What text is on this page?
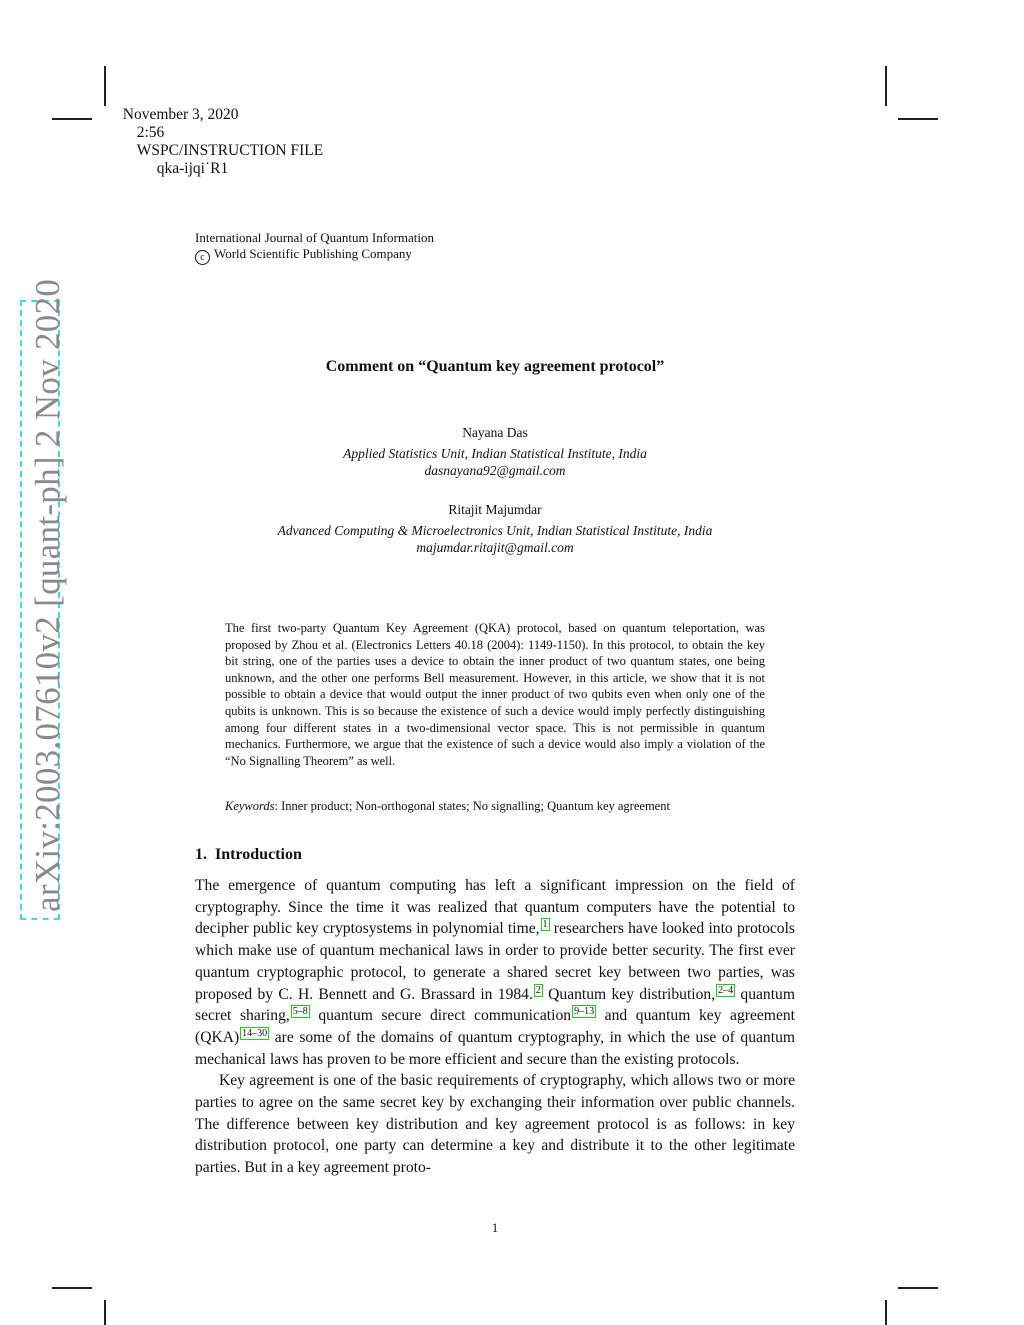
November 3, 2020
2:56
WSPC/INSTRUCTION FILE
qka-ijqi˙R1

arXiv:2003.07610v2 [quant-ph] 2 Nov 2020
International Journal of Quantum Information
c World Scientific Publishing Company
Comment on “Quantum key agreement protocol”
Nayana Das
Applied Statistics Unit, Indian Statistical Institute, India
dasnayana92@gmail.com
Ritajit Majumdar
Advanced Computing & Microelectronics Unit, Indian Statistical Institute, India
majumdar.ritajit@gmail.com
The first two-party Quantum Key Agreement (QKA) protocol, based on quantum teleportation, was proposed by Zhou et al. (Electronics Letters 40.18 (2004): 1149-1150). In this protocol, to obtain the key bit string, one of the parties uses a device to obtain the inner product of two quantum states, one being unknown, and the other one performs Bell measurement. However, in this article, we show that it is not possible to obtain a device that would output the inner product of two qubits even when only one of the qubits is unknown. This is so because the existence of such a device would imply perfectly distinguishing among four different states in a two-dimensional vector space. This is not permissible in quantum mechanics. Furthermore, we argue that the existence of such a device would also imply a violation of the “No Signalling Theorem” as well.
Keywords: Inner product; Non-orthogonal states; No signalling; Quantum key agreement
1. Introduction

The emergence of quantum computing has left a significant impression on the field of cryptography. Since the time it was realized that quantum computers have the potential to decipher public key cryptosystems in polynomial time, 1 researchers have looked into protocols which make use of quantum mechanical laws in order to provide better security. The first ever quantum cryptographic protocol, to generate a shared secret key between two parties, was proposed by C. H. Bennett and G. Brassard in 1984. 2 Quantum key distribution, 2–4 quantum secret sharing, 5–8 quantum secure direct communication 9–13 and quantum key agreement (QKA) 14–30 are some of the domains of quantum cryptography, in which the use of quantum mechanical laws has proven to be more efficient and secure than the existing protocols.

Key agreement is one of the basic requirements of cryptography, which allows two or more parties to agree on the same secret key by exchanging their information over public channels. The difference between key distribution and key agreement protocol is as follows: in key distribution protocol, one party can determine a key and distribute it to the other legitimate parties. But in a key agreement proto-

1
